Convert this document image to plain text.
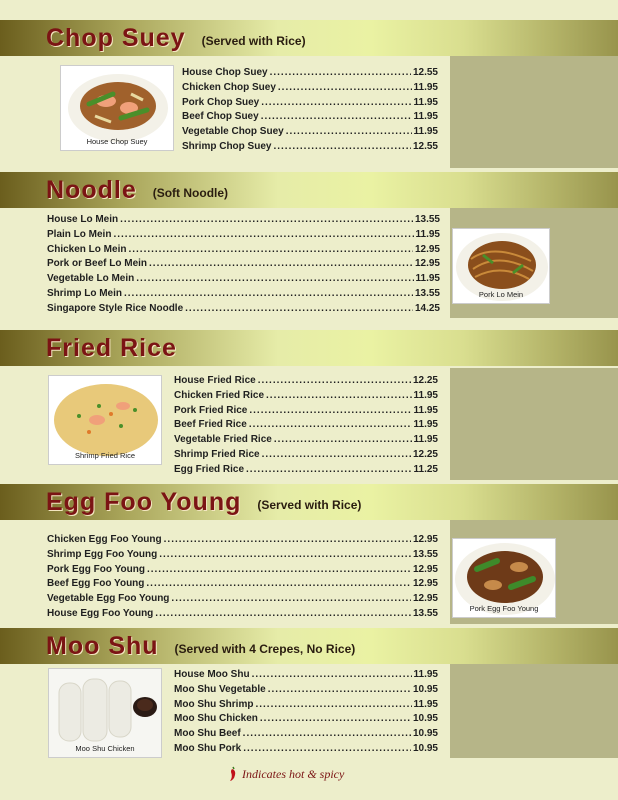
Chop Suey (Served with Rice)
House Chop Suey
House Chop Suey .....	12.55
Chicken Chop Suey .....	11.95
Pork Chop Suey .....	11.95
Beef Chop Suey .....	11.95
Vegetable Chop Suey .....	11.95
Shrimp Chop Suey .....	12.55
Noodle (Soft Noodle)
House Lo Mein .....	13.55
Plain Lo Mein .....	11.95
Chicken Lo Mein .....	12.95
Pork or Beef Lo Mein .....	12.95
Vegetable Lo Mein .....	11.95
Shrimp Lo Mein .....	13.55
Singapore Style Rice Noodle .....	14.25
Pork Lo Mein
Fried Rice
Shrimp Fried Rice
House Fried Rice .....	12.25
Chicken Fried Rice .....	11.95
Pork Fried Rice .....	11.95
Beef Fried Rice .....	11.95
Vegetable Fried Rice .....	11.95
Shrimp Fried Rice .....	12.25
Egg Fried Rice .....	11.25
Egg Foo Young (Served with Rice)
Chicken Egg Foo Young .....	12.95
Shrimp Egg Foo Young .....	13.55
Pork Egg Foo Young .....	12.95
Beef Egg Foo Young .....	12.95
Vegetable Egg Foo Young .....	12.95
House Egg Foo Young .....	13.55	Pork Egg Foo Young
Moo Shu (Served with 4 Crepes, No Rice)
Moo Shu Chicken
House Moo Shu .....	11.95
Moo Shu Vegetable .....	10.95
Moo Shu Shrimp .....	11.95
Moo Shu Chicken .....	10.95
Moo Shu Beef .....	10.95
Moo Shu Pork .....	10.95
Indicates hot & spicy
